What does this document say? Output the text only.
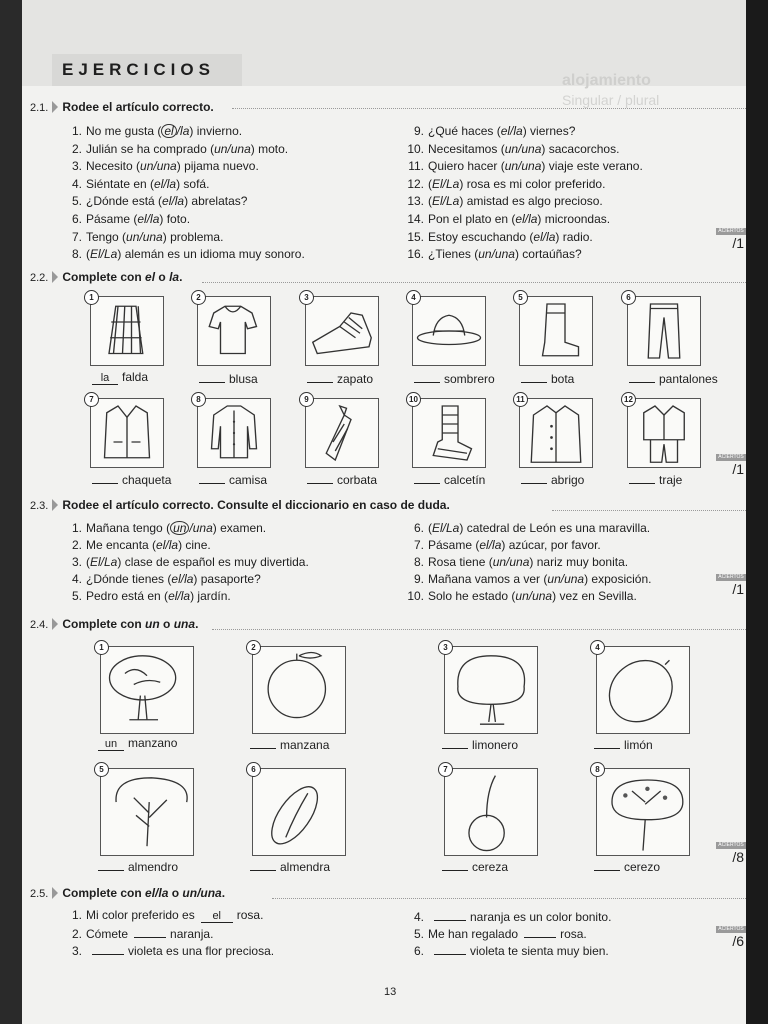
EJERCICIOS
alojamiento
Singular / plural
2.1. Rodee el artículo correcto.
1. No me gusta ( el /la) invierno.
2. Julián se ha comprado (un/una) moto.
3. Necesito (un/una) pijama nuevo.
4. Siéntate en (el/la) sofá.
5. ¿Dónde está (el/la) abrelatas?
6. Pásame (el/la) foto.
7. Tengo (un/una) problema.
8. (El/La) alemán es un idioma muy sonoro.
9. ¿Qué haces (el/la) viernes?
10. Necesitamos (un/una) sacacorchos.
11. Quiero hacer (un/una) viaje este verano.
12. (El/La) rosa es mi color preferido.
13. (El/La) amistad es algo precioso.
14. Pon el plato en (el/la) microondas.
15. Estoy escuchando (el/la) radio.
16. ¿Tienes (un/una) cortaúñas?
ACIERTOS
/1
2.2. Complete con el o la.
1
la falda
2
blusa
3
zapato
4
sombrero
5
bota
6
pantalones
7
chaqueta
8
camisa
9
corbata
10
calcetín
11
abrigo
12
traje
ACIERTOS
/1
2.3. Rodee el artículo correcto. Consulte el diccionario en caso de duda.
1. Mañana tengo ( un /una) examen.
2. Me encanta (el/la) cine.
3. (El/La) clase de español es muy divertida.
4. ¿Dónde tienes (el/la) pasaporte?
5. Pedro está en (el/la) jardín.
6. (El/La) catedral de León es una maravilla.
7. Pásame (el/la) azúcar, por favor.
8. Rosa tiene (un/una) nariz muy bonita.
9. Mañana vamos a ver (un/una) exposición.
10. Solo he estado (un/una) vez en Sevilla.
ACIERTOS
/1
2.4. Complete con un o una.
1
un manzano
2
manzana
3
limonero
4
limón
5
almendro
6
almendra
7
cereza
8
cerezo
ACIERTOS
/8
2.5. Complete con el/la o un/una.
1. Mi color preferido es el rosa.
2. Cómete	naranja.
3.	violeta es una flor preciosa.
4.	naranja es un color bonito.
5. Me han regalado	rosa.
6.	violeta te sienta muy bien.
ACIERTOS
/6
13
